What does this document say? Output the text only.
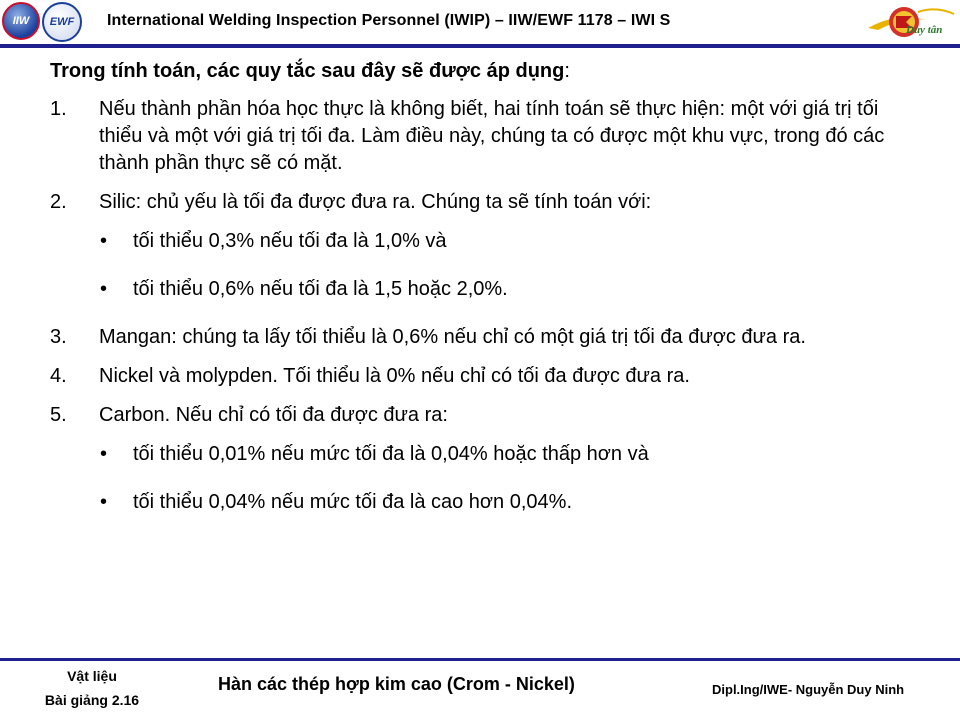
IIW EWF International Welding Inspection Personnel (IWIP) – IIW/EWF 1178 – IWI S
Duy tân
Trong tính toán, các quy tắc sau đây sẽ được áp dụng:
1. Nếu thành phần hóa học thực là không biết, hai tính toán sẽ thực hiện: một với giá trị tối thiểu và một với giá trị tối đa. Làm điều này, chúng ta có được một khu vực, trong đó các thành phần thực sẽ có mặt.
2. Silic: chủ yếu là tối đa được đưa ra. Chúng ta sẽ tính toán với:
• tối thiểu 0,3% nếu tối đa là 1,0% và
• tối thiểu 0,6% nếu tối đa là 1,5 hoặc 2,0%.
3. Mangan: chúng ta lấy tối thiểu là 0,6% nếu chỉ có một giá trị tối đa được đưa ra.
4. Nickel và molypden. Tối thiểu là 0% nếu chỉ có tối đa được đưa ra.
5. Carbon. Nếu chỉ có tối đa được đưa ra:
• tối thiểu 0,01% nếu mức tối đa là 0,04% hoặc thấp hơn và
• tối thiểu 0,04% nếu mức tối đa là cao hơn 0,04%.
Vật liệu
Bài giảng 2.16
Hàn các thép hợp kim cao (Crom - Nickel)	Dipl.Ing/IWE- Nguyễn Duy Ninh
